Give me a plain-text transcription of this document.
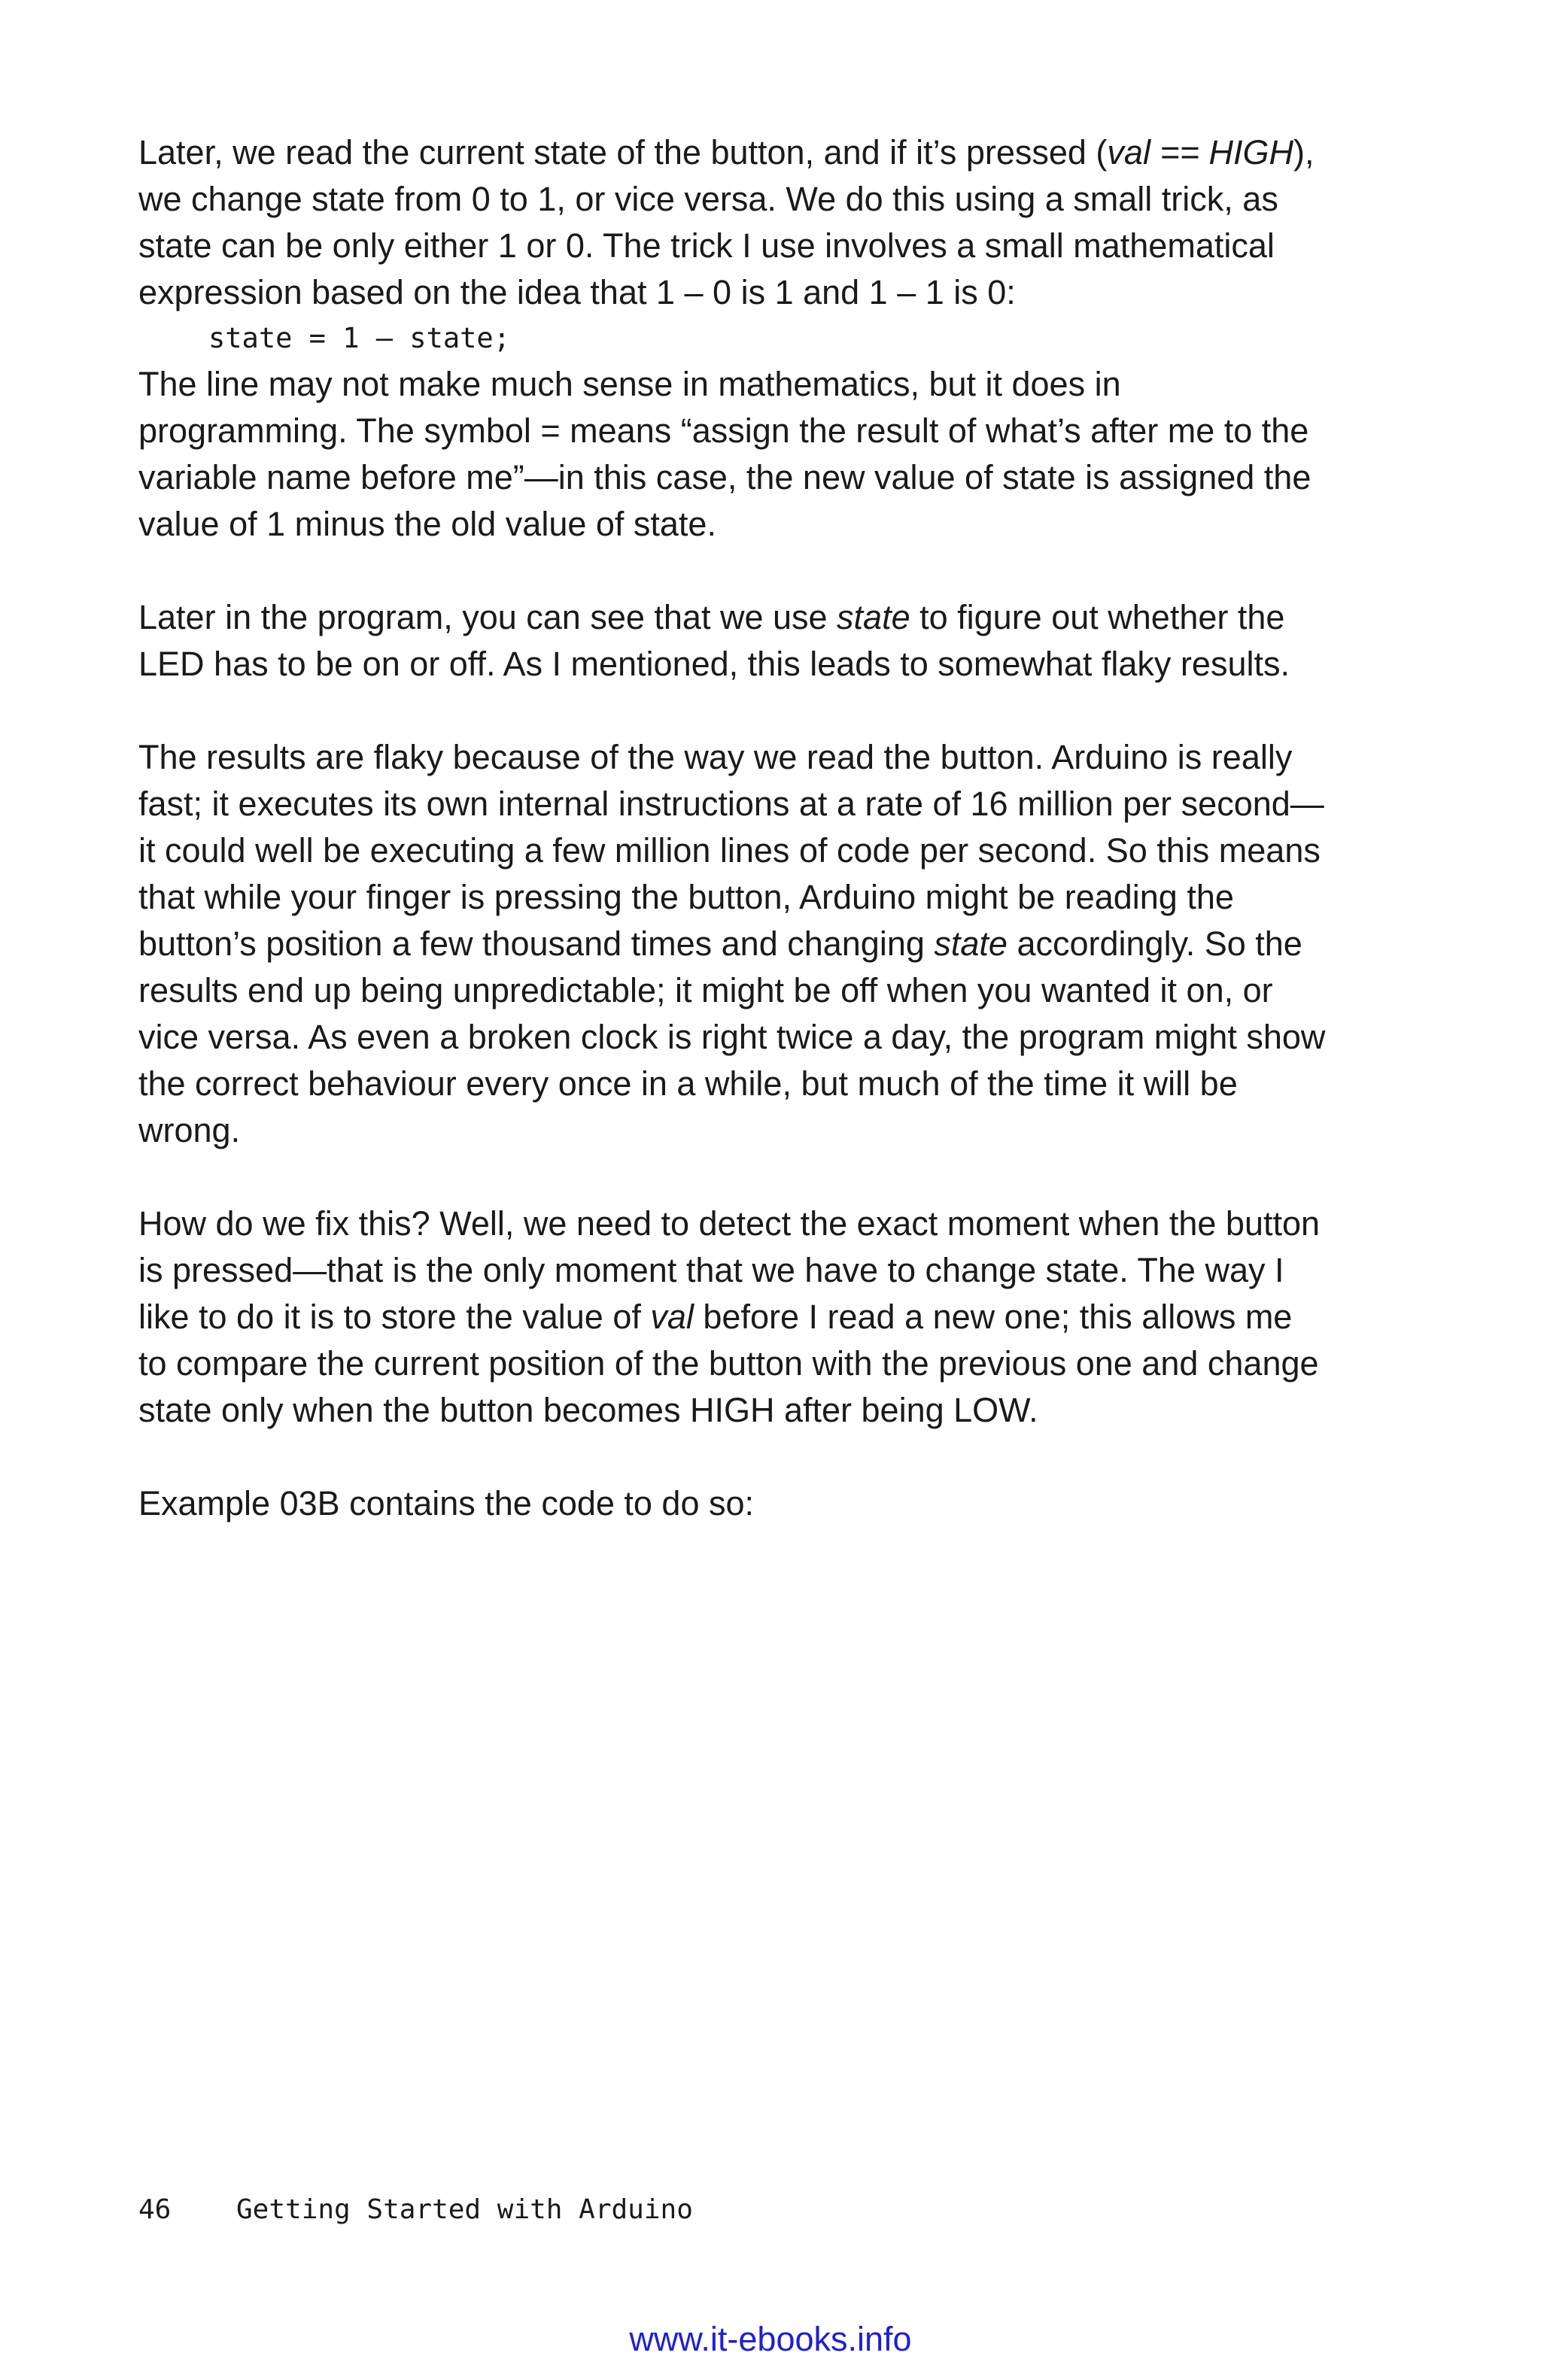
Later, we read the current state of the button, and if it’s pressed (val == HIGH), we change state from 0 to 1, or vice versa. We do this using a small trick, as state can be only either 1 or 0. The trick I use involves a small mathematical expression based on the idea that 1 – 0 is 1 and 1 – 1 is 0:

state = 1 – state;

The line may not make much sense in mathematics, but it does in programming. The symbol = means “assign the result of what’s after me to the variable name before me”—in this case, the new value of state is assigned the value of 1 minus the old value of state.

Later in the program, you can see that we use state to figure out whether the LED has to be on or off. As I mentioned, this leads to somewhat flaky results.

The results are flaky because of the way we read the button. Arduino is really fast; it executes its own internal instructions at a rate of 16 million per second—it could well be executing a few million lines of code per second. So this means that while your finger is pressing the button, Arduino might be reading the button’s position a few thousand times and changing state accordingly. So the results end up being unpredictable; it might be off when you wanted it on, or vice versa. As even a broken clock is right twice a day, the program might show the correct behaviour every once in a while, but much of the time it will be wrong.

How do we fix this? Well, we need to detect the exact moment when the button is pressed—that is the only moment that we have to change state. The way I like to do it is to store the value of val before I read a new one; this allows me to compare the current position of the button with the previous one and change state only when the button becomes HIGH after being LOW.

Example 03B contains the code to do so:

46 Getting Started with Arduino
www.it-ebooks.info
